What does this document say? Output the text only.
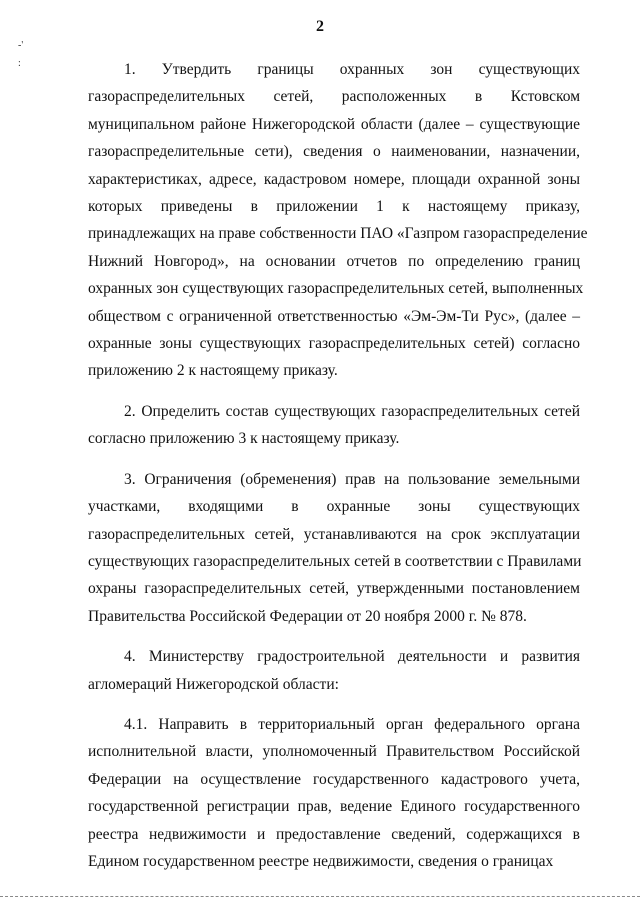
2
-'
:	1. Утвердить границы охранных зон существующих
газораспределительных сетей, расположенных в Кстовском
муниципальном районе Нижегородской области (далее – существующие
газораспределительные сети), сведения о наименовании, назначении,
характеристиках, адресе, кадастровом номере, площади охранной зоны
которых приведены в приложении 1 к настоящему приказу,
принадлежащих на праве собственности ПАО «Газпром газораспределение
Нижний Новгород», на основании отчетов по определению границ
охранных зон существующих газораспределительных сетей, выполненных
обществом с ограниченной ответственностью «Эм-Эм-Ти Рус», (далее –
охранные зоны существующих газораспределительных сетей) согласно
приложению 2 к настоящему приказу.
2. Определить состав существующих газораспределительных сетей
согласно приложению 3 к настоящему приказу.
3. Ограничения (обременения) прав на пользование земельными
участками, входящими в охранные зоны существующих
газораспределительных сетей, устанавливаются на срок эксплуатации
существующих газораспределительных сетей в соответствии с Правилами
охраны газораспределительных сетей, утвержденными постановлением
Правительства Российской Федерации от 20 ноября 2000 г. № 878.
4. Министерству градостроительной деятельности и развития
агломераций Нижегородской области:
4.1. Направить в территориальный орган федерального органа
исполнительной власти, уполномоченный Правительством Российской
Федерации на осуществление государственного кадастрового учета,
государственной регистрации прав, ведение Единого государственного
реестра недвижимости и предоставление сведений, содержащихся в
Едином государственном реестре недвижимости, сведения о границах
